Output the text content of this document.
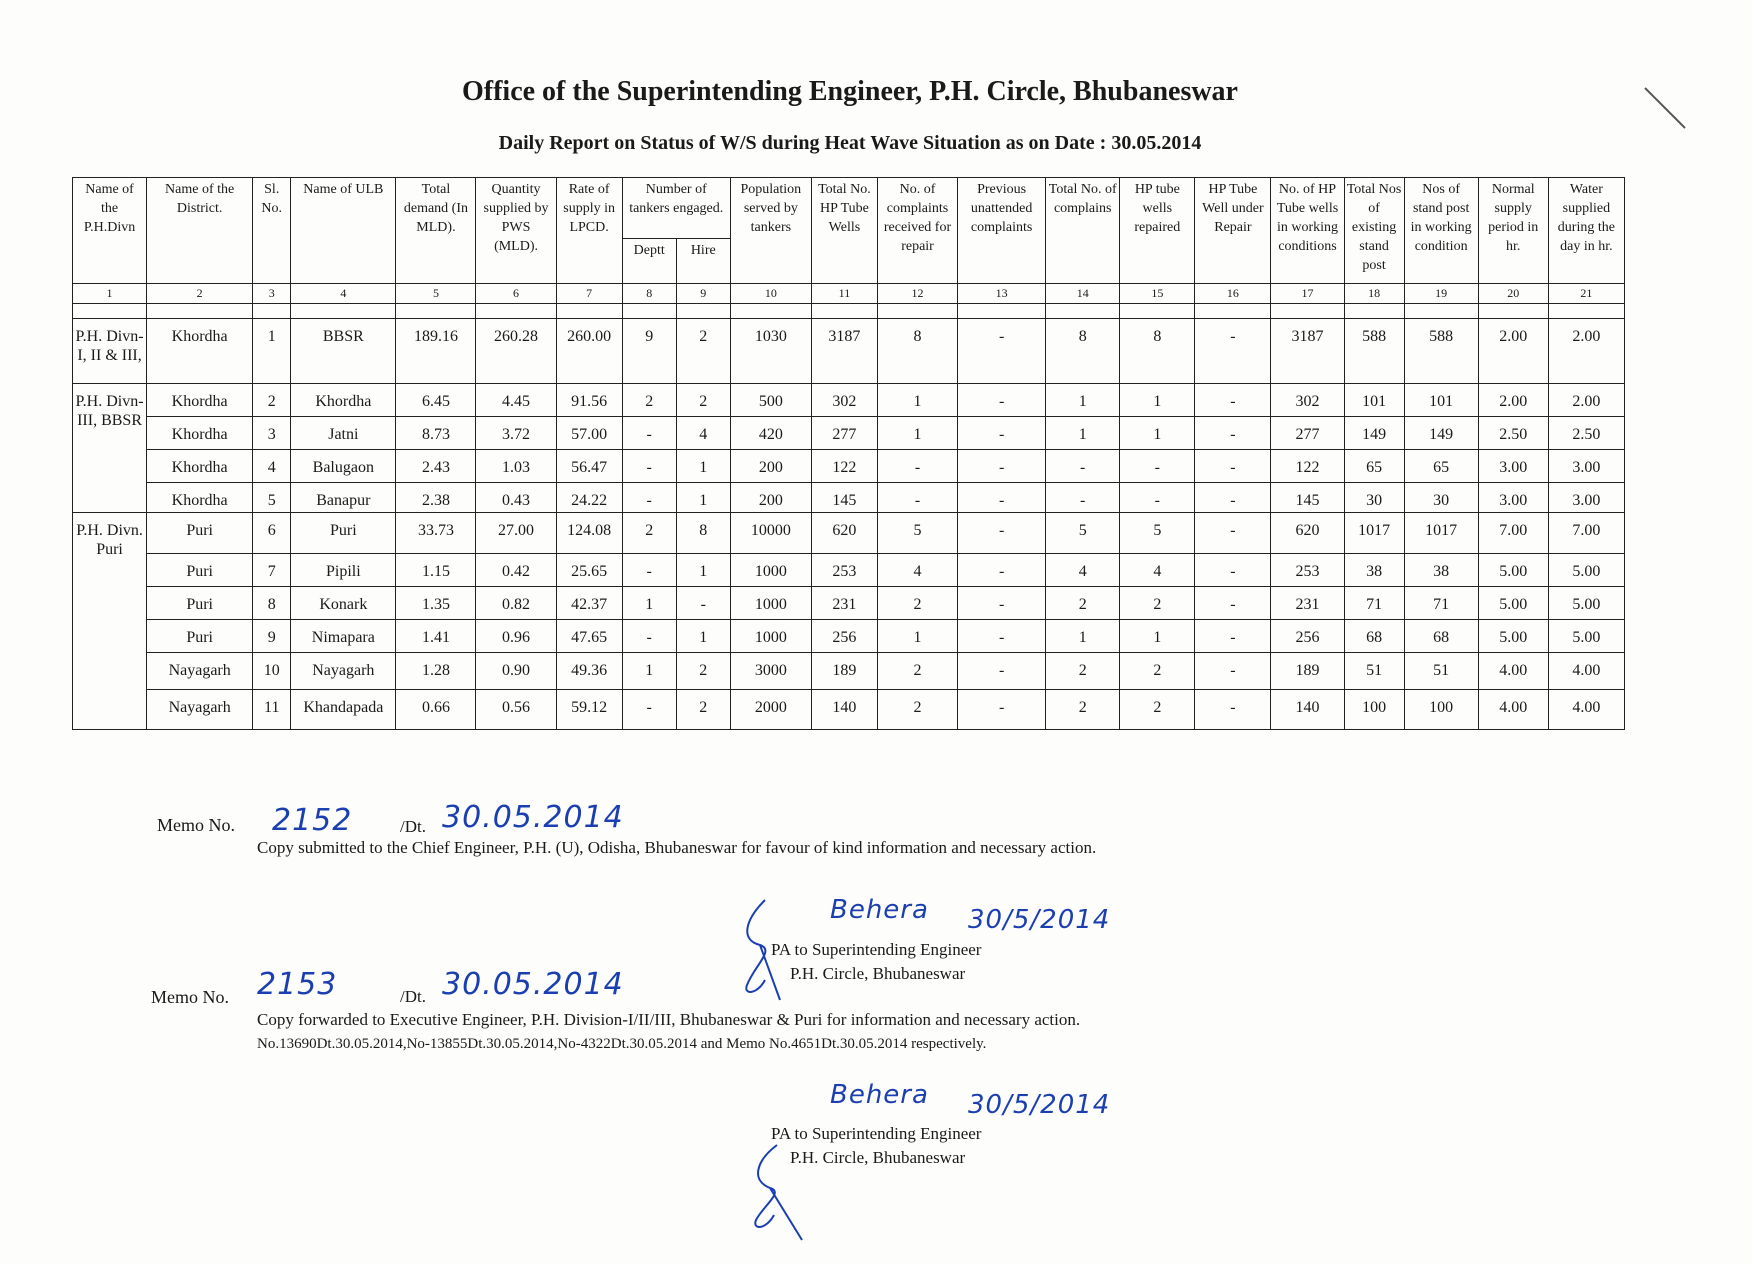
Office of the Superintending Engineer, P.H. Circle, Bhubaneswar
Daily Report on Status of W/S during Heat Wave Situation as on Date : 30.05.2014
Name of the P.H.Divn	Name of the District.	Sl. No.	Name of ULB	Total demand (In MLD).	Quantity supplied by PWS (MLD).	Rate of supply in LPCD.	Number of tankers engaged.		Population served by tankers	Total No. HP Tube Wells	No. of complaints received for repair	Previous unattended complaints	Total No. of complains	HP tube wells repaired	HP Tube Well under Repair	No. of HP Tube wells in working conditions	Total Nos of existing stand post	Nos of stand post in working condition	Normal supply period in hr.	Water supplied during the day in hr.
							Deptt	Hire												
1	2	3	4	5	6	7	8	9	10	11	12	13	14	15	16	17	18	19	20	21

P.H. Divn-I, II & III,	Khordha	1	BBSR	189.16	260.28	260.00	9	2	1030	3187	8	-	8	8	-	3187	588	588	2.00	2.00
P.H. Divn-III, BBSR	Khordha	2	Khordha	6.45	4.45	91.56	2	2	500	302	1	-	1	1	-	302	101	101	2.00	2.00
	Khordha	3	Jatni	8.73	3.72	57.00	-	4	420	277	1	-	1	1	-	277	149	149	2.50	2.50
	Khordha	4	Balugaon	2.43	1.03	56.47	-	1	200	122	-	-	-	-	-	122	65	65	3.00	3.00
	Khordha	5	Banapur	2.38	0.43	24.22	-	1	200	145	-	-	-	-	-	145	30	30	3.00	3.00
P.H. Divn. Puri	Puri	6	Puri	33.73	27.00	124.08	2	8	10000	620	5	-	5	5	-	620	1017	1017	7.00	7.00
	Puri	7	Pipili	1.15	0.42	25.65	-	1	1000	253	4	-	4	4	-	253	38	38	5.00	5.00
	Puri	8	Konark	1.35	0.82	42.37	1	-	1000	231	2	-	2	2	-	231	71	71	5.00	5.00
	Puri	9	Nimapara	1.41	0.96	47.65	-	1	1000	256	1	-	1	1	-	256	68	68	5.00	5.00
	Nayagarh	10	Nayagarh	1.28	0.90	49.36	1	2	3000	189	2	-	2	2	-	189	51	51	4.00	4.00
	Nayagarh	11	Khandapada	0.66	0.56	59.12	-	2	2000	140	2	-	2	2	-	140	100	100	4.00	4.00
Memo No. 2152	/Dt. 30.05.2014
Copy submitted to the Chief Engineer, P.H. (U), Odisha, Bhubaneswar for favour of kind information and necessary action.
Behera 30/5/2014
PA to Superintending Engineer
P.H. Circle, Bhubaneswar
Memo No. 2153	/Dt. 30.05.2014
Copy forwarded to Executive Engineer, P.H. Division-I/II/III, Bhubaneswar & Puri for information and necessary action.
No.13690Dt.30.05.2014,No-13855Dt.30.05.2014,No-4322Dt.30.05.2014 and Memo No.4651Dt.30.05.2014 respectively.
Behera 30/5/2014
PA to Superintending Engineer
P.H. Circle, Bhubaneswar
